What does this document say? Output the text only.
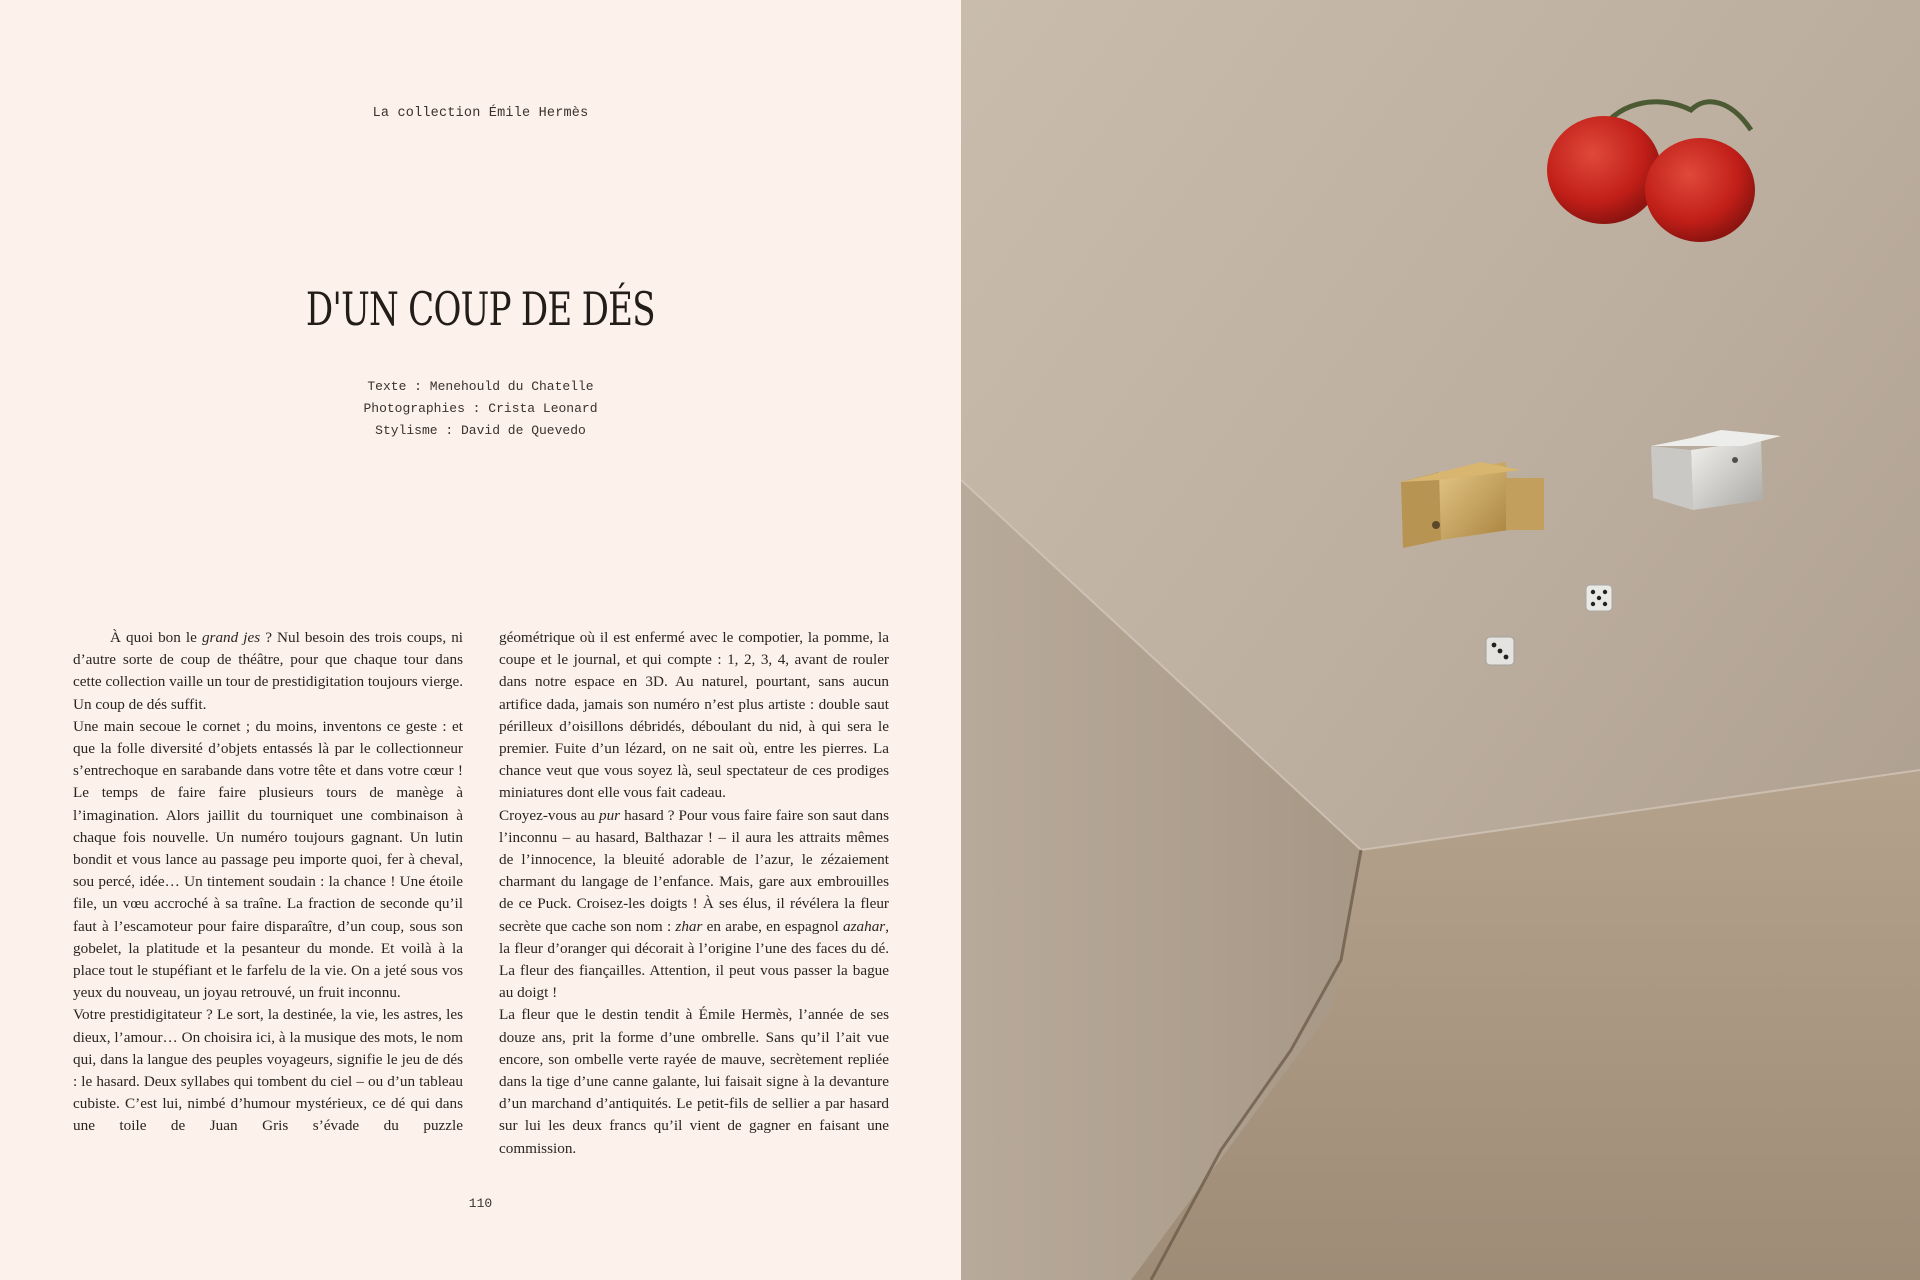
La collection Émile Hermès
D'UN COUP DE DÉS
Texte : Menehould du Chatelle
Photographies : Crista Leonard
Stylisme : David de Quevedo

À quoi bon le grand jes ? Nul besoin des trois coups, ni d’autre sorte de coup de théâtre, pour que chaque tour dans cette collection vaille un tour de prestidigitation toujours vierge. Un coup de dés suffit.

Une main secoue le cornet ; du moins, inventons ce geste : et que la folle diversité d’objets entassés là par le collectionneur s’entrechoque en sarabande dans votre tête et dans votre cœur ! Le temps de faire faire plusieurs tours de manège à l’imagination. Alors jaillit du tourniquet une combinaison à chaque fois nouvelle. Un numéro toujours gagnant. Un lutin bondit et vous lance au passage peu importe quoi, fer à cheval, sou percé, idée… Un tintement soudain : la chance ! Une étoile file, un vœu accroché à sa traîne. La fraction de seconde qu’il faut à l’escamoteur pour faire disparaître, d’un coup, sous son gobelet, la platitude et la pesanteur du monde. Et voilà à la place tout le stupéfiant et le farfelu de la vie. On a jeté sous vos yeux du nouveau, un joyau retrouvé, un fruit inconnu.

Votre prestidigitateur ? Le sort, la destinée, la vie, les astres, les dieux, l’amour… On choisira ici, à la musique des mots, le nom qui, dans la langue des peuples voyageurs, signifie le jeu de dés : le hasard. Deux syllabes qui tombent du ciel – ou d’un tableau cubiste. C’est lui, nimbé d’humour mystérieux, ce dé qui dans une toile de Juan Gris s’évade du puzzle

géométrique où il est enfermé avec le compotier, la pomme, la coupe et le journal, et qui compte : 1, 2, 3, 4, avant de rouler dans notre espace en 3D. Au naturel, pourtant, sans aucun artifice dada, jamais son numéro n’est plus artiste : double saut périlleux d’oisillons débridés, déboulant du nid, à qui sera le premier. Fuite d’un lézard, on ne sait où, entre les pierres. La chance veut que vous soyez là, seul spectateur de ces prodiges miniatures dont elle vous fait cadeau.

Croyez-vous au pur hasard ? Pour vous faire faire son saut dans l’inconnu – au hasard, Balthazar ! – il aura les attraits mêmes de l’innocence, la bleuité adorable de l’azur, le zézaiement charmant du langage de l’enfance. Mais, gare aux embrouilles de ce Puck. Croisez-les doigts ! À ses élus, il révélera la fleur secrète que cache son nom : zhar en arabe, en espagnol azahar, la fleur d’oranger qui décorait à l’origine l’une des faces du dé. La fleur des fiançailles. Attention, il peut vous passer la bague au doigt !

La fleur que le destin tendit à Émile Hermès, l’année de ses douze ans, prit la forme d’une ombrelle. Sans qu’il l’ait vue encore, son ombelle verte rayée de mauve, secrètement repliée dans la tige d’une canne galante, lui faisait signe à la devanture d’un marchand d’antiquités. Le petit-fils de sellier a par hasard sur lui les deux francs qu’il vient de gagner en faisant une commission.

110
